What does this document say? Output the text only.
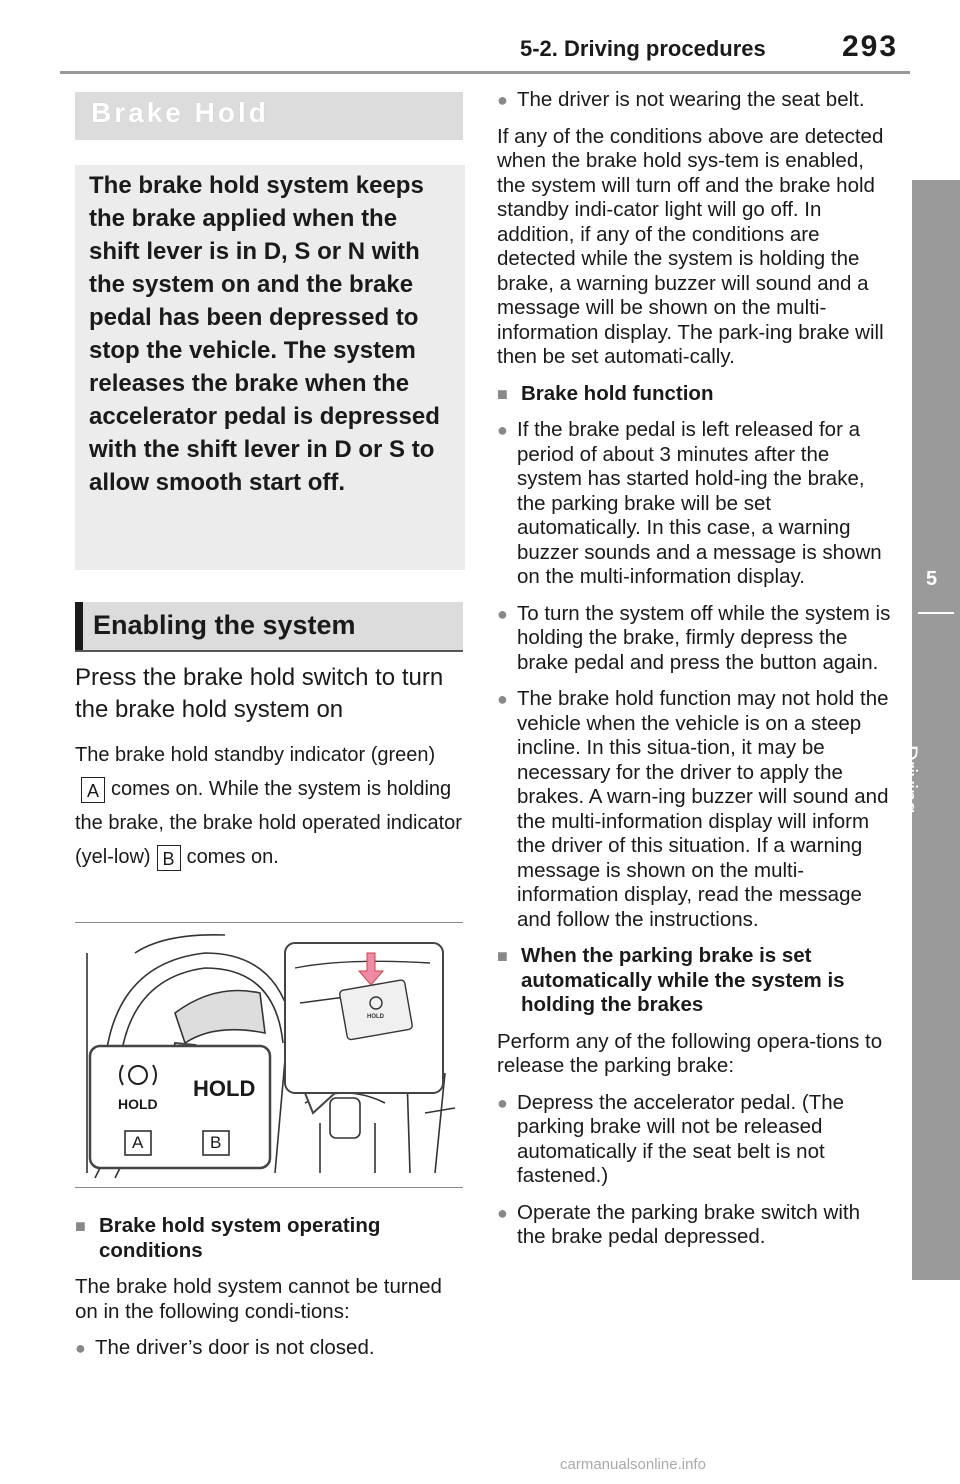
5-2. Driving procedures	293
5
Driving
Brake Hold
The brake hold system keeps the brake applied when the shift lever is in D, S or N with the system on and the brake pedal has been depressed to stop the vehicle. The system releases the brake when the accelerator pedal is depressed with the shift lever in D or S to allow smooth start off.
Enabling the system
Press the brake hold switch to turn the brake hold system on
The brake hold standby indicator (green)A comes on. While the system is holding the brake, the brake hold operated indicator (yel-low) B comes on.
HOLD
HOLD
HOLD
A	B
■ Brake hold system operating conditions
The brake hold system cannot be turned on in the following condi-tions:
● The driver’s door is not closed.
● The driver is not wearing the seat belt.
If any of the conditions above are detected when the brake hold sys-tem is enabled, the system will turn off and the brake hold standby indi-cator light will go off. In addition, if any of the conditions are detected while the system is holding the brake, a warning buzzer will sound and a message will be shown on the multi-information display. The park-ing brake will then be set automati-cally.
■ Brake hold function
● If the brake pedal is left released for a period of about 3 minutes after the system has started hold-ing the brake, the parking brake will be set automatically. In this case, a warning buzzer sounds and a message is shown on the multi-information display.
● To turn the system off while the system is holding the brake, firmly depress the brake pedal and press the button again.
● The brake hold function may not hold the vehicle when the vehicle is on a steep incline. In this situa-tion, it may be necessary for the driver to apply the brakes. A warn-ing buzzer will sound and the multi-information display will inform the driver of this situation. If a warning message is shown on the multi-information display, read the message and follow the instructions.
■ When the parking brake is set automatically while the system is holding the brakes
Perform any of the following opera-tions to release the parking brake:
● Depress the accelerator pedal. (The parking brake will not be released automatically if the seat belt is not fastened.)
● Operate the parking brake switch with the brake pedal depressed.
carmanualsonline.info
